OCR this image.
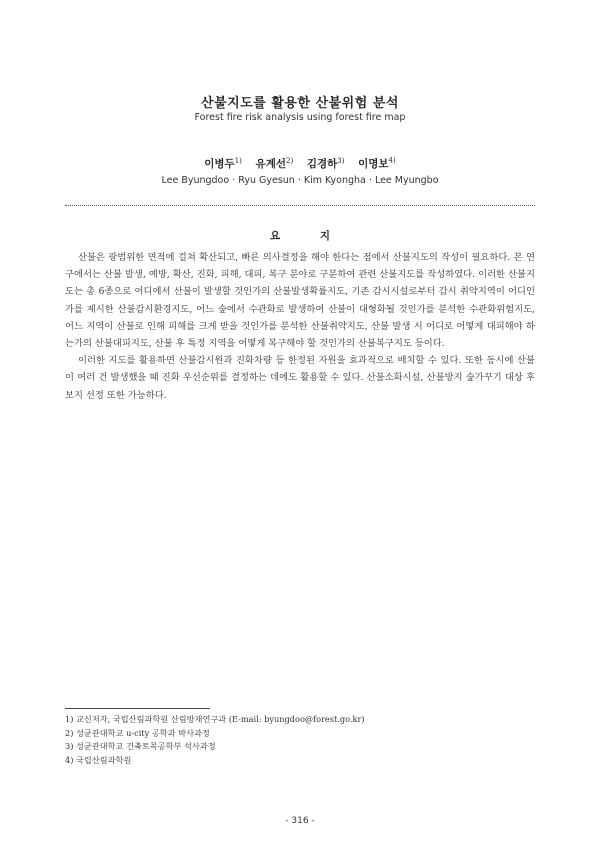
산불지도를 활용한 산불위험 분석
Forest fire risk analysis using forest fire map
이병두$^{1)}$ 유계선$^{2)}$ 김경하$^{3)}$ 이명보$^{4)}$
Lee Byungdoo · Ryu Gyesun · Kim Kyongha · Lee Myungbo
요 지

산불은 광범위한 면적에 걸쳐 확산되고, 빠른 의사결정을 해야 한다는 점에서 산불지도의 작성이 필요하다. 본 연구에서는 산불 발생, 예방, 확산, 진화, 피해, 대피, 복구 분야로 구분하여 관련 산불지도를 작성하였다. 이러한 산불지도는 총 6종으로 어디에서 산불이 발생할 것인가의 산불발생확률지도, 기존 감시시설로부터 감시 취약지역이 어디인가를 제시한 산불감시환경지도, 어느 숲에서 수관화로 발생하여 산불이 대형화될 것인가를 분석한 수관화위험지도, 어느 지역이 산불로 인해 피해를 크게 받을 것인가를 분석한 산불취약지도, 산불 발생 시 어디로 어떻게 대피해야 하는가의 산불대피지도, 산불 후 특정 지역을 어떻게 복구해야 할 것인가의 산불복구지도 등이다.

이러한 지도를 활용하면 산불감시원과 진화차량 등 한정된 자원을 효과적으로 배치할 수 있다. 또한 동시에 산불이 여러 건 발생했을 때 진화 우선순위를 결정하는 데에도 활용할 수 있다. 산불소화시설, 산불방지 숲가꾸기 대상 후보지 선정 또한 가능하다.

1) 교신저자, 국립산림과학원 산림방재연구과 (E-mail: byungdoo@forest.go.kr)
2) 성균관대학교 u-city 공학과 박사과정
3) 성균관대학교 건축토목공학부 석사과정
4) 국립산림과학원
- 316 -
